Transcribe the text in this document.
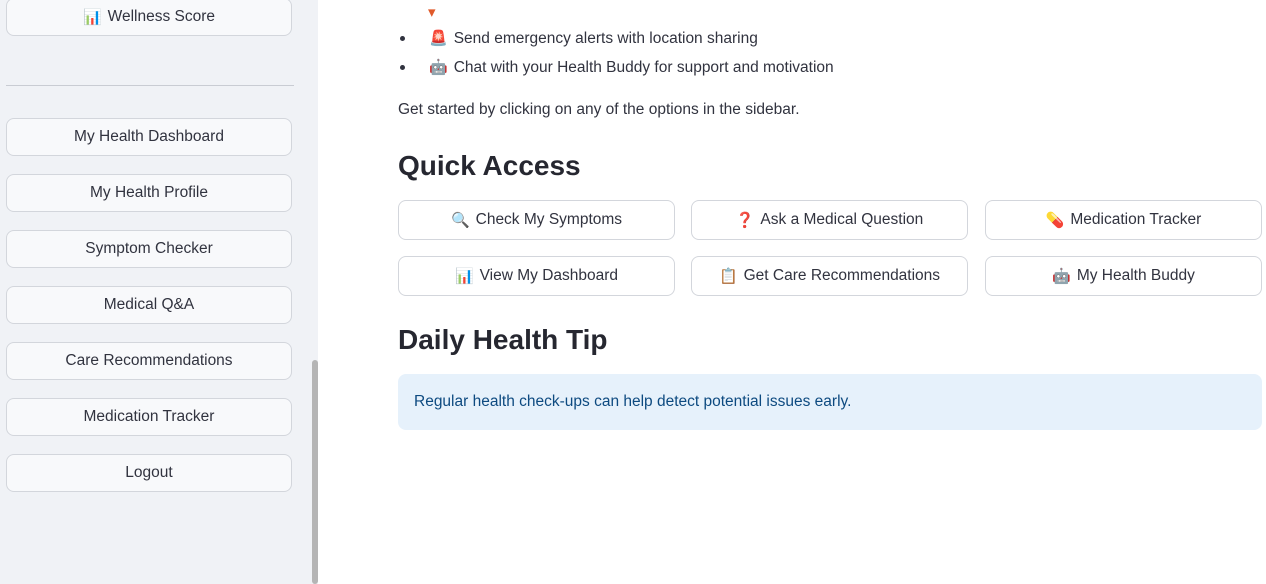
📊 Wellness Score
My Health Dashboard
My Health Profile
Symptom Checker
Medical Q&A
Care Recommendations
Medication Tracker
Logout
▾
🚨 Send emergency alerts with location sharing
🤖 Chat with your Health Buddy for support and motivation
Get started by clicking on any of the options in the sidebar.
Quick Access
🔍 Check My Symptoms	❓ Ask a Medical Question	💊 Medication Tracker
📊 View My Dashboard	📋 Get Care Recommendations	🤖 My Health Buddy
Daily Health Tip
Regular health check-ups can help detect potential issues early.
